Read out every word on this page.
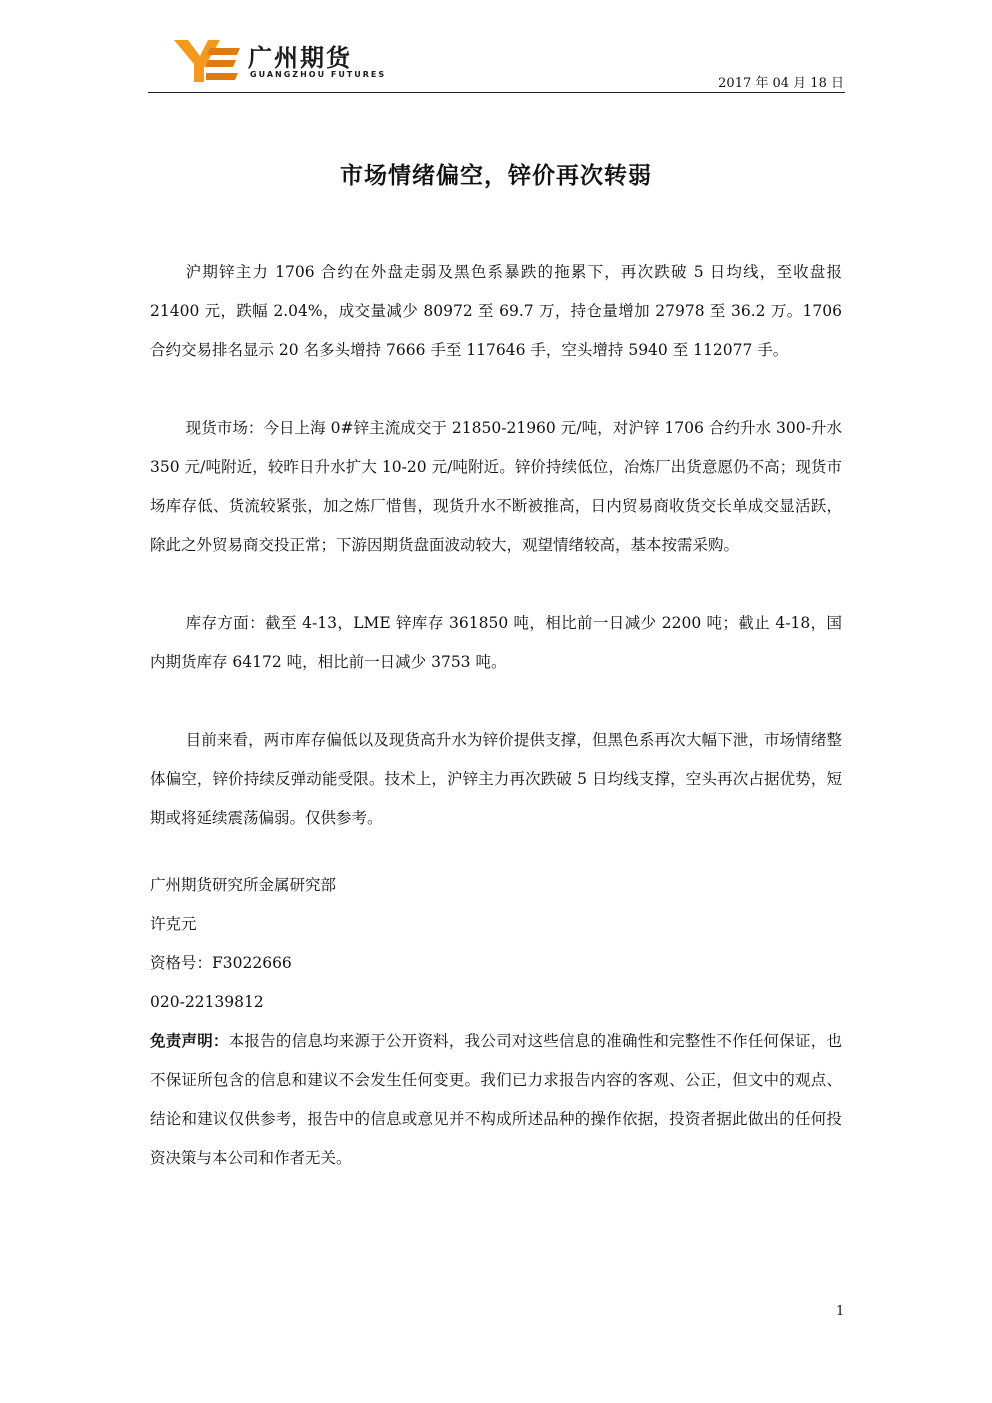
广州期货
GUANGZHOU FUTURES
2017 年 04 月 18 日
市场情绪偏空，锌价再次转弱

沪期锌主力 1706 合约在外盘走弱及黑色系暴跌的拖累下，再次跌破 5 日均线，至收盘报 21400 元，跌幅 2.04%，成交量减少 80972 至 69.7 万，持仓量增加 27978 至 36.2 万。1706 合约交易排名显示 20 名多头增持 7666 手至 117646 手，空头增持 5940 至 112077 手。

现货市场：今日上海 0#锌主流成交于 21850-21960 元/吨，对沪锌 1706 合约升水 300-升水 350 元/吨附近，较昨日升水扩大 10-20 元/吨附近。锌价持续低位，冶炼厂出货意愿仍不高；现货市场库存低、货流较紧张，加之炼厂惜售，现货升水不断被推高，日内贸易商收货交长单成交显活跃，除此之外贸易商交投正常；下游因期货盘面波动较大，观望情绪较高，基本按需采购。

库存方面：截至 4-13，LME 锌库存 361850 吨，相比前一日减少 2200 吨；截止 4-18，国内期货库存 64172 吨，相比前一日减少 3753 吨。

目前来看，两市库存偏低以及现货高升水为锌价提供支撑，但黑色系再次大幅下泄，市场情绪整体偏空，锌价持续反弹动能受限。技术上，沪锌主力再次跌破 5 日均线支撑，空头再次占据优势，短期或将延续震荡偏弱。仅供参考。

广州期货研究所金属研究部

许克元

资格号：F3022666

020-22139812

免责声明：本报告的信息均来源于公开资料，我公司对这些信息的准确性和完整性不作任何保证，也不保证所包含的信息和建议不会发生任何变更。我们已力求报告内容的客观、公正，但文中的观点、结论和建议仅供参考，报告中的信息或意见并不构成所述品种的操作依据，投资者据此做出的任何投资决策与本公司和作者无关。

1
